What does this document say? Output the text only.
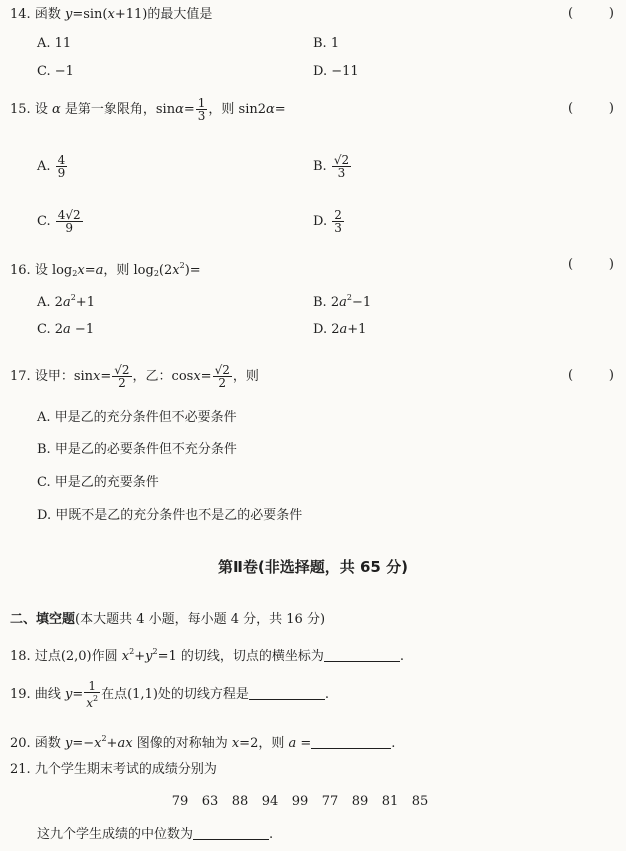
14. 函数 y=sin(x+11)的最大值是	(	)
A. 11	B. 1
C. −1	D. −11
15. 设 α 是第一象限角，$\sin\alpha= \frac{1}{3}$ ，则 sin2α=	(	)
A. $\frac{4}{9}$	B. $\frac{√2}{3}$
C. $\frac{4√2}{9}$	D. $\frac{2}{3}$
16. 设 $\log_2x=a$，则 $\log_2(2x^2)=$	(	)
A. $2a^2+1$	B. $2a^2-1$
C. 2a −1	D. 2a+1
17. 设甲：$\sin x= \frac{√2}{2}$ ，乙：$\cos x= \frac{√2}{2}$ ，则	(	)
A. 甲是乙的充分条件但不必要条件
B. 甲是乙的必要条件但不充分条件
C. 甲是乙的充要条件
D. 甲既不是乙的充分条件也不是乙的必要条件
第Ⅱ卷(非选择题，共 65 分)
二、填空题(本大题共 4 小题，每小题 4 分，共 16 分)
18. 过点(2,0)作圆 $x^2+y^2=1$ 的切线，切点的横坐标为	.
19. 曲线 $y= \frac{1}{x^2}$ 在点(1,1)处的切线方程是	.
20. 函数 $y=-x^2+ax$ 图像的对称轴为 x=2，则 a =	.
21. 九个学生期末考试的成绩分别为
79 63 88 94 99 77 89 81 85
这九个学生成绩的中位数为	.
